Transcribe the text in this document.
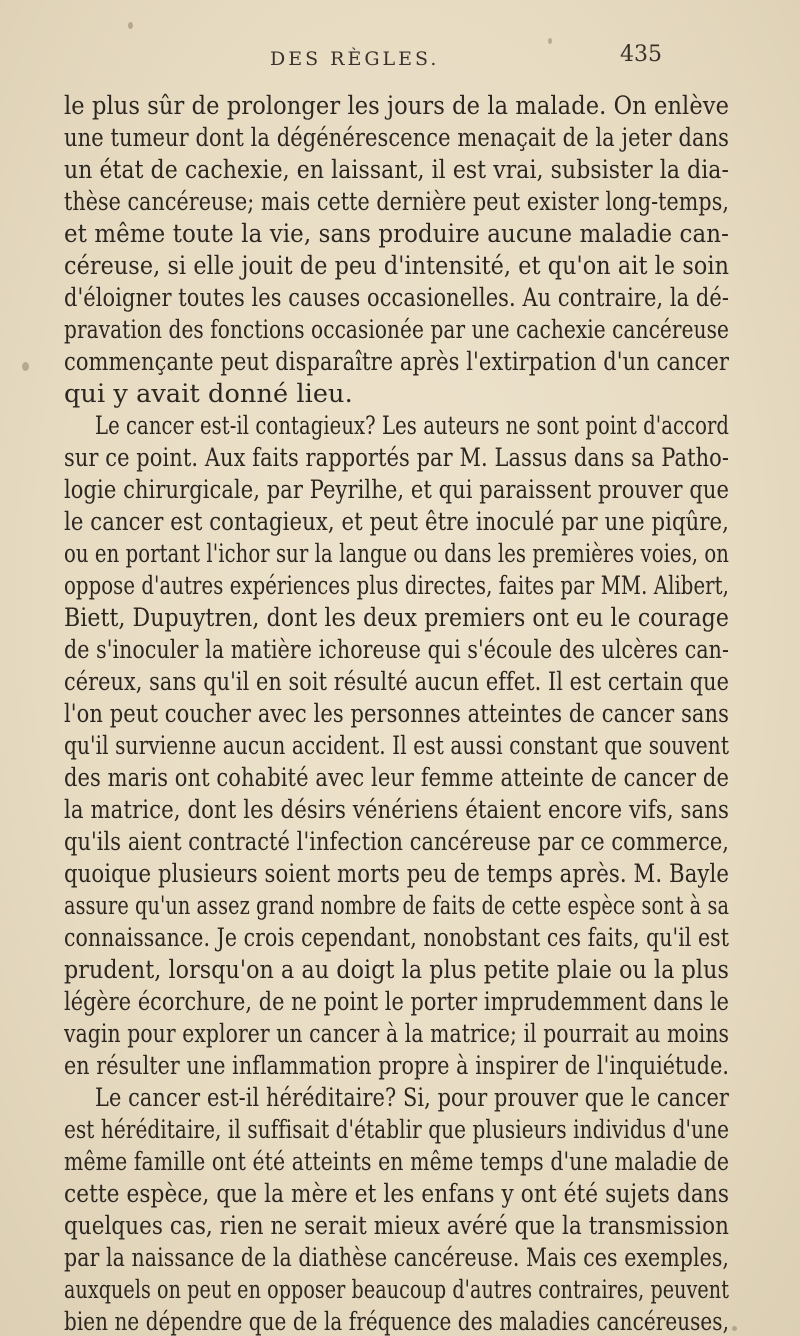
DES RÈGLES.	435
le plus sûr de prolonger les jours de la malade. On enlève
une tumeur dont la dégénérescence menaçait de la jeter dans
un état de cachexie, en laissant, il est vrai, subsister la dia-
thèse cancéreuse; mais cette dernière peut exister long-temps,
et même toute la vie, sans produire aucune maladie can-
céreuse, si elle jouit de peu d'intensité, et qu'on ait le soin
d'éloigner toutes les causes occasionelles. Au contraire, la dé-
pravation des fonctions occasionée par une cachexie cancéreuse
commençante peut disparaître après l'extirpation d'un cancer
qui y avait donné lieu.
Le cancer est-il contagieux? Les auteurs ne sont point d'accord
sur ce point. Aux faits rapportés par M. Lassus dans sa Patho-
logie chirurgicale, par Peyrilhe, et qui paraissent prouver que
le cancer est contagieux, et peut être inoculé par une piqûre,
ou en portant l'ichor sur la langue ou dans les premières voies, on
oppose d'autres expériences plus directes, faites par MM. Alibert,
Biett, Dupuytren, dont les deux premiers ont eu le courage
de s'inoculer la matière ichoreuse qui s'écoule des ulcères can-
céreux, sans qu'il en soit résulté aucun effet. Il est certain que
l'on peut coucher avec les personnes atteintes de cancer sans
qu'il survienne aucun accident. Il est aussi constant que souvent
des maris ont cohabité avec leur femme atteinte de cancer de
la matrice, dont les désirs vénériens étaient encore vifs, sans
qu'ils aient contracté l'infection cancéreuse par ce commerce,
quoique plusieurs soient morts peu de temps après. M. Bayle
assure qu'un assez grand nombre de faits de cette espèce sont à sa
connaissance. Je crois cependant, nonobstant ces faits, qu'il est
prudent, lorsqu'on a au doigt la plus petite plaie ou la plus
légère écorchure, de ne point le porter imprudemment dans le
vagin pour explorer un cancer à la matrice; il pourrait au moins
en résulter une inflammation propre à inspirer de l'inquiétude.
Le cancer est-il héréditaire? Si, pour prouver que le cancer
est héréditaire, il suffisait d'établir que plusieurs individus d'une
même famille ont été atteints en même temps d'une maladie de
cette espèce, que la mère et les enfans y ont été sujets dans
quelques cas, rien ne serait mieux avéré que la transmission
par la naissance de la diathèse cancéreuse. Mais ces exemples,
auxquels on peut en opposer beaucoup d'autres contraires, peuvent
bien ne dépendre que de la fréquence des maladies cancéreuses,
